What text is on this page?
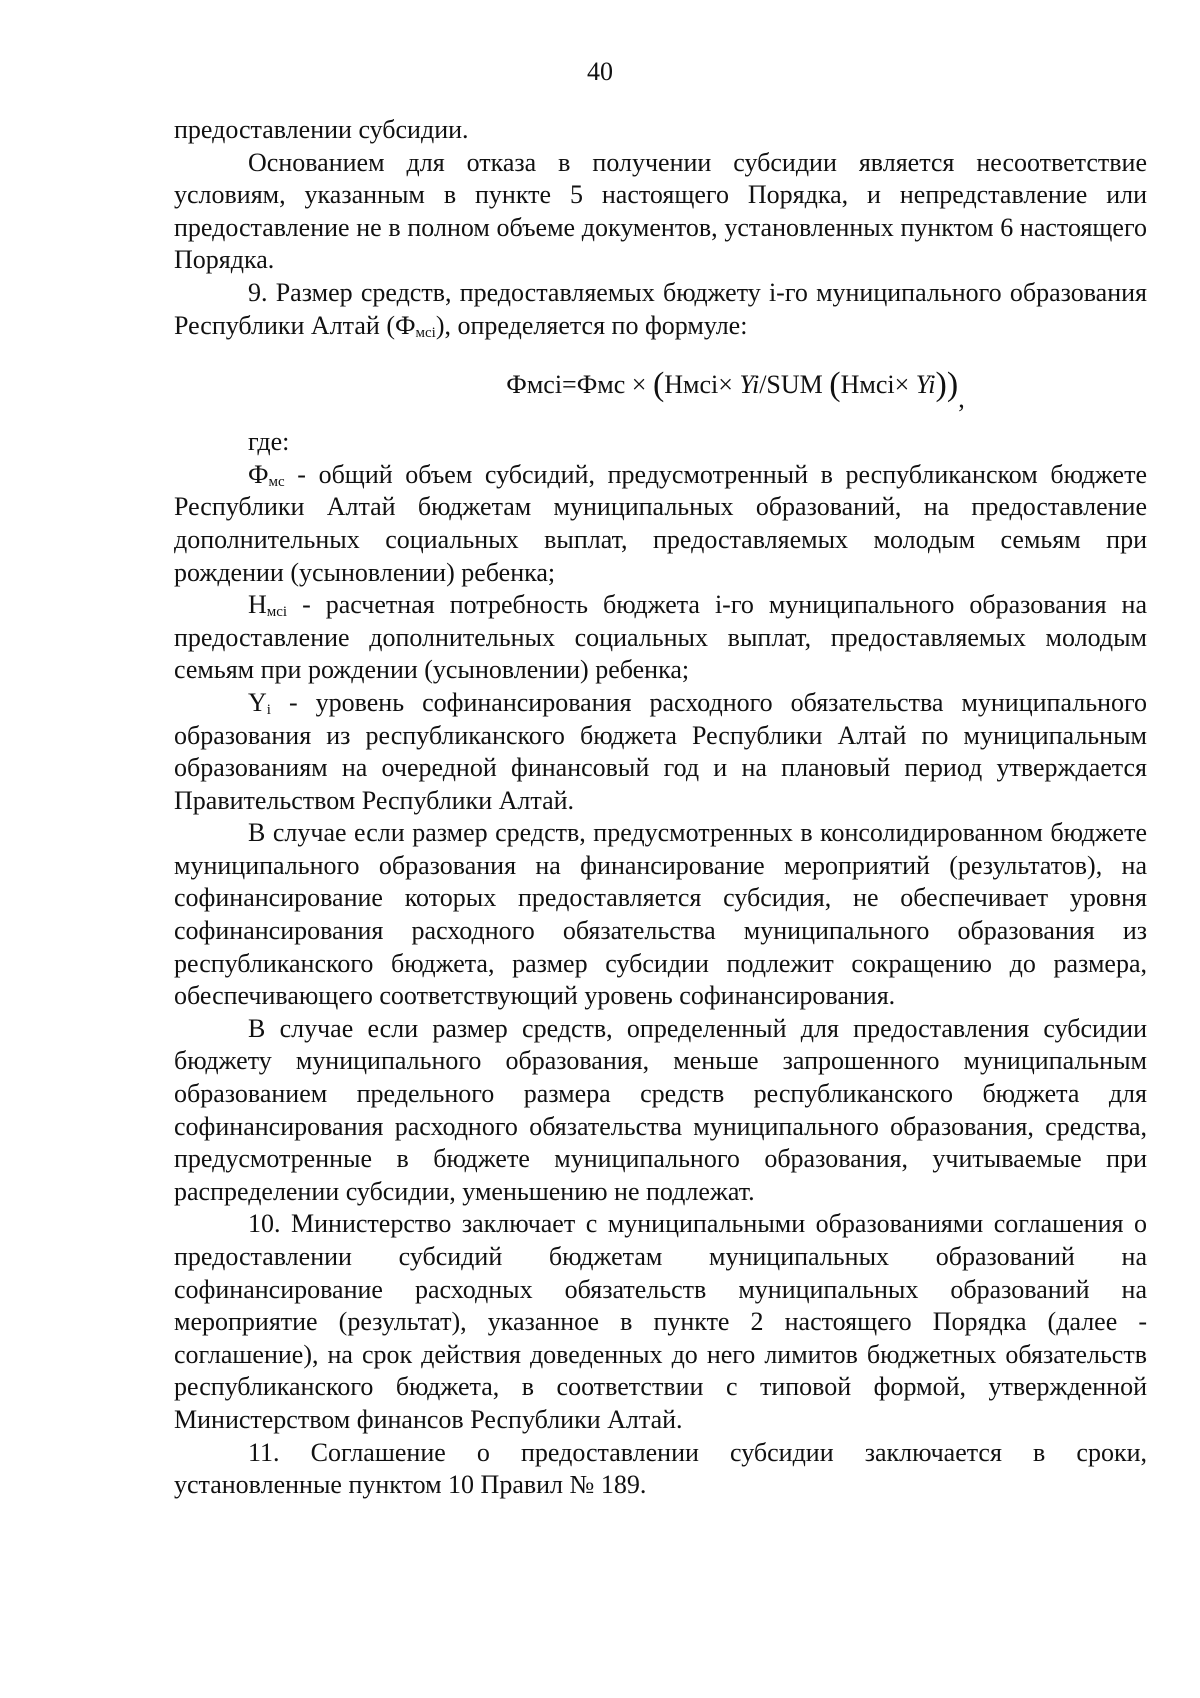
40

предоставлении субсидии.

Основанием для отказа в получении субсидии является несоответствие условиям, указанным в пункте 5 настоящего Порядка, и непредставление или предоставление не в полном объеме документов, установленных пунктом 6 настоящего Порядка.

9. Размер средств, предоставляемых бюджету i-го муниципального образования Республики Алтай $(Ф_{мсi})$, определяется по формуле:

Фмсi=Фмс × (Нмсi× Yi/SUM (Нмсi× Yi)),

где:

$Ф_{мс}$ - общий объем субсидий, предусмотренный в республиканском бюджете Республики Алтай бюджетам муниципальных образований, на предоставление дополнительных социальных выплат, предоставляемых молодым семьям при рождении (усыновлении) ребенка;

$Н_{мсi}$ - расчетная потребность бюджета i-го муниципального образования на предоставление дополнительных социальных выплат, предоставляемых молодым семьям при рождении (усыновлении) ребенка;

$Y_i$ - уровень софинансирования расходного обязательства муниципального образования из республиканского бюджета Республики Алтай по муниципальным образованиям на очередной финансовый год и на плановый период утверждается Правительством Республики Алтай.

В случае если размер средств, предусмотренных в консолидированном бюджете муниципального образования на финансирование мероприятий (результатов), на софинансирование которых предоставляется субсидия, не обеспечивает уровня софинансирования расходного обязательства муниципального образования из республиканского бюджета, размер субсидии подлежит сокращению до размера, обеспечивающего соответствующий уровень софинансирования.

В случае если размер средств, определенный для предоставления субсидии бюджету муниципального образования, меньше запрошенного муниципальным образованием предельного размера средств республиканского бюджета для софинансирования расходного обязательства муниципального образования, средства, предусмотренные в бюджете муниципального образования, учитываемые при распределении субсидии, уменьшению не подлежат.

10. Министерство заключает с муниципальными образованиями соглашения о предоставлении субсидий бюджетам муниципальных образований на софинансирование расходных обязательств муниципальных образований на мероприятие (результат), указанное в пункте 2 настоящего Порядка (далее - соглашение), на срок действия доведенных до него лимитов бюджетных обязательств республиканского бюджета, в соответствии с типовой формой, утвержденной Министерством финансов Республики Алтай.

11. Соглашение о предоставлении субсидии заключается в сроки, установленные пунктом 10 Правил № 189.
